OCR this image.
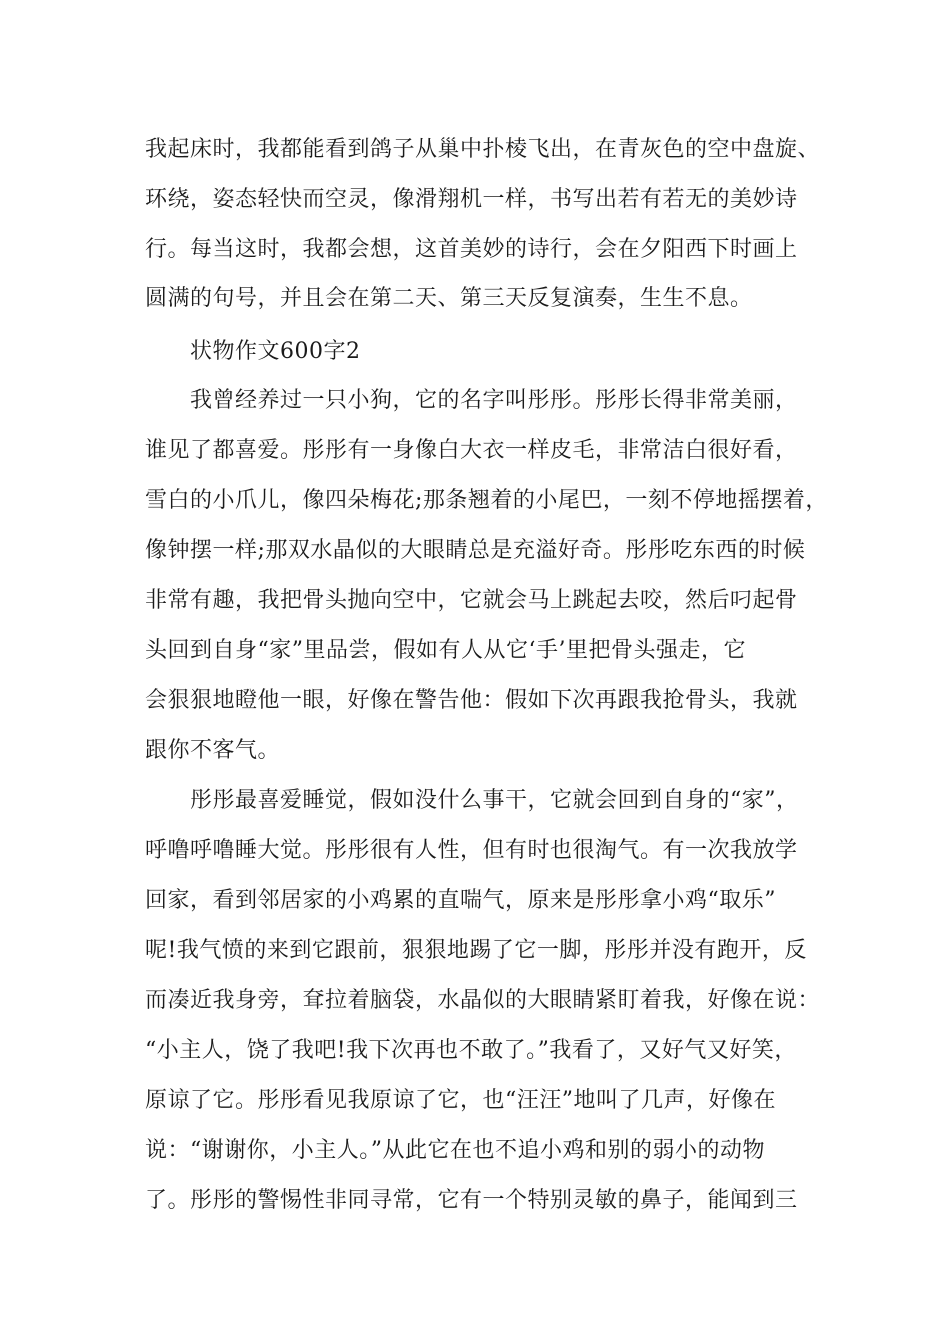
我起床时，我都能看到鸽子从巢中扑棱飞出，在青灰色的空中盘旋、
环绕，姿态轻快而空灵，像滑翔机一样，书写出若有若无的美妙诗
行。每当这时，我都会想，这首美妙的诗行，会在夕阳西下时画上
圆满的句号，并且会在第二天、第三天反复演奏，生生不息。
状物作文600字2
我曾经养过一只小狗，它的名字叫彤彤。彤彤长得非常美丽，
谁见了都喜爱。彤彤有一身像白大衣一样皮毛，非常洁白很好看，
雪白的小爪儿，像四朵梅花;那条翘着的小尾巴，一刻不停地摇摆着，
像钟摆一样;那双水晶似的大眼睛总是充溢好奇。彤彤吃东西的时候
非常有趣，我把骨头抛向空中，它就会马上跳起去咬，然后叼起骨
头回到自身“家”里品尝，假如有人从它‘手’里把骨头强走，它
会狠狠地瞪他一眼，好像在警告他：假如下次再跟我抢骨头，我就
跟你不客气。
彤彤最喜爱睡觉，假如没什么事干，它就会回到自身的“家”，
呼噜呼噜睡大觉。彤彤很有人性，但有时也很淘气。有一次我放学
回家，看到邻居家的小鸡累的直喘气，原来是彤彤拿小鸡“取乐”
呢!我气愤的来到它跟前，狠狠地踢了它一脚，彤彤并没有跑开，反
而凑近我身旁，耷拉着脑袋，水晶似的大眼睛紧盯着我，好像在说：
“小主人，饶了我吧!我下次再也不敢了。”我看了，又好气又好笑，
原谅了它。彤彤看见我原谅了它，也“汪汪”地叫了几声，好像在
说：“谢谢你，小主人。”从此它在也不追小鸡和别的弱小的动物
了。彤彤的警惕性非同寻常，它有一个特别灵敏的鼻子，能闻到三
